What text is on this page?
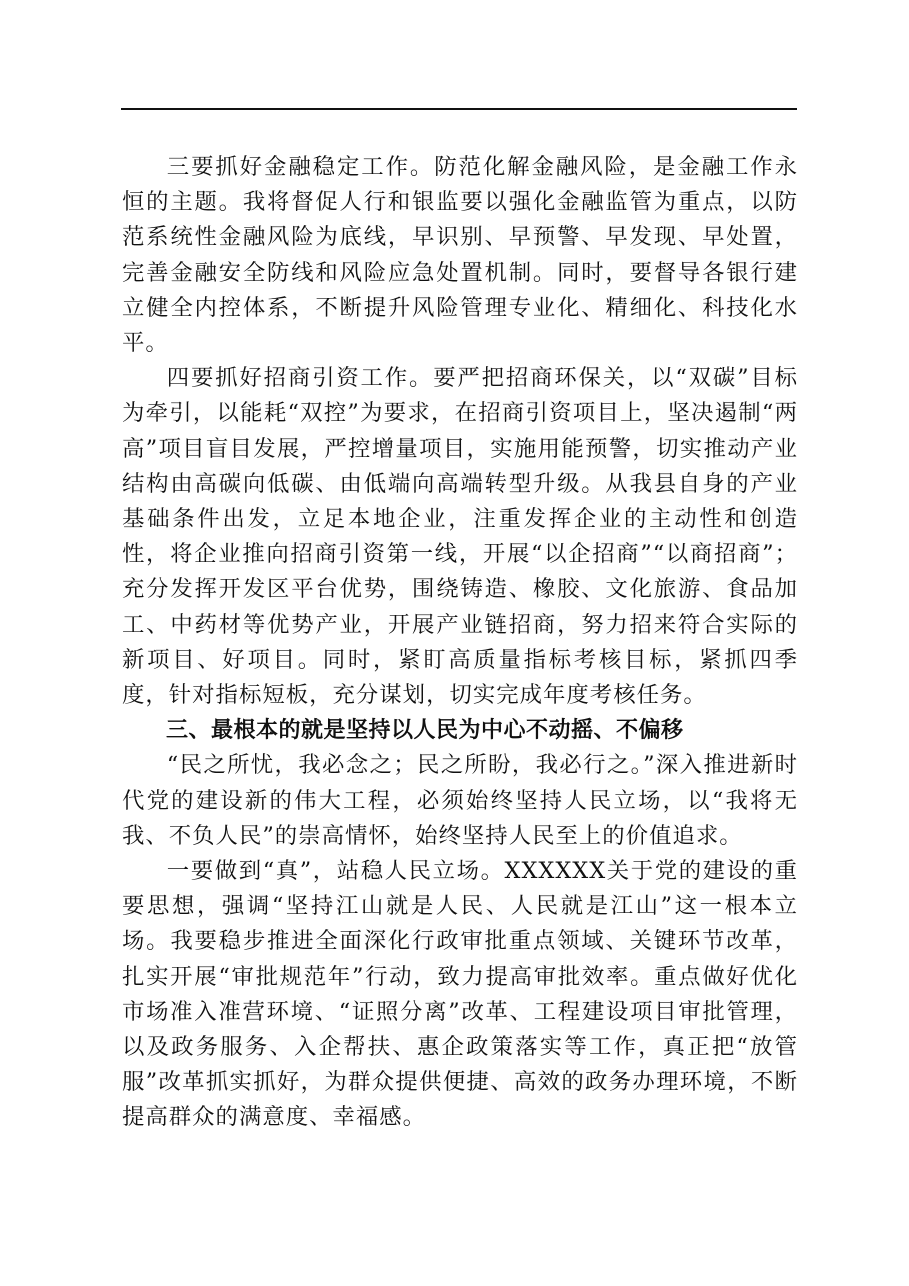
三要抓好金融稳定工作。防范化解金融风险，是金融工作永恒的主题。我将督促人行和银监要以强化金融监管为重点，以防范系统性金融风险为底线，早识别、早预警、早发现、早处置，完善金融安全防线和风险应急处置机制。同时，要督导各银行建立健全内控体系，不断提升风险管理专业化、精细化、科技化水平。

四要抓好招商引资工作。要严把招商环保关，以“双碳”目标为牵引，以能耗“双控”为要求，在招商引资项目上，坚决遏制“两高”项目盲目发展，严控增量项目，实施用能预警，切实推动产业结构由高碳向低碳、由低端向高端转型升级。从我县自身的产业基础条件出发，立足本地企业，注重发挥企业的主动性和创造性，将企业推向招商引资第一线，开展“以企招商”“以商招商”；充分发挥开发区平台优势，围绕铸造、橡胶、文化旅游、食品加工、中药材等优势产业，开展产业链招商，努力招来符合实际的新项目、好项目。同时，紧盯高质量指标考核目标，紧抓四季度，针对指标短板，充分谋划，切实完成年度考核任务。

三、最根本的就是坚持以人民为中心不动摇、不偏移

“民之所忧，我必念之；民之所盼，我必行之。”深入推进新时代党的建设新的伟大工程，必须始终坚持人民立场，以“我将无我、不负人民”的崇高情怀，始终坚持人民至上的价值追求。

一要做到“真”，站稳人民立场。XXXXXX关于党的建设的重要思想，强调“坚持江山就是人民、人民就是江山”这一根本立场。我要稳步推进全面深化行政审批重点领域、关键环节改革，扎实开展“审批规范年”行动，致力提高审批效率。重点做好优化市场准入准营环境、“证照分离”改革、工程建设项目审批管理，以及政务服务、入企帮扶、惠企政策落实等工作，真正把“放管服”改革抓实抓好，为群众提供便捷、高效的政务办理环境，不断提高群众的满意度、幸福感。
